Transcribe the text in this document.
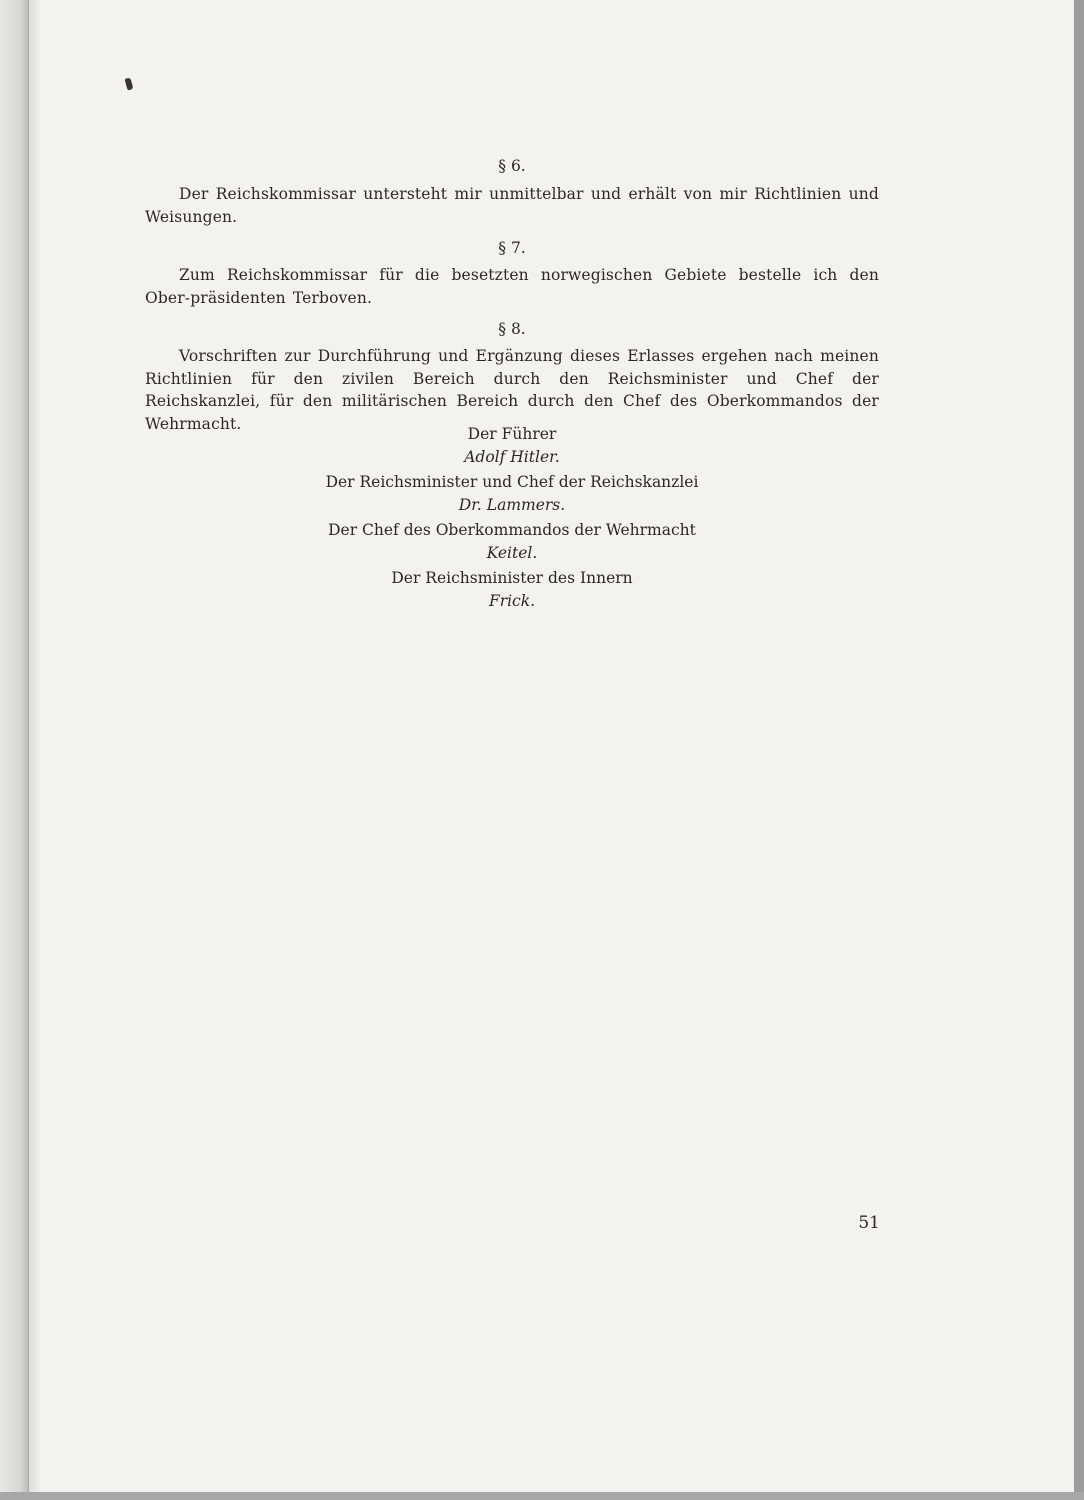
§ 6.
Der Reichskommissar untersteht mir unmittelbar und erhält von mir Richtlinien und Weisungen.
§ 7.
Zum Reichskommissar für die besetzten norwegischen Gebiete bestelle ich den Ober-präsidenten Terboven.
§ 8.
Vorschriften zur Durchführung und Ergänzung dieses Erlasses ergehen nach meinen Richtlinien für den zivilen Bereich durch den Reichsminister und Chef der Reichskanzlei, für den militärischen Bereich durch den Chef des Oberkommandos der Wehrmacht.
Der Führer
Adolf Hitler.
Der Reichsminister und Chef der Reichskanzlei
Dr. Lammers.
Der Chef des Oberkommandos der Wehrmacht
Keitel.
Der Reichsminister des Innern
Frick.
51
